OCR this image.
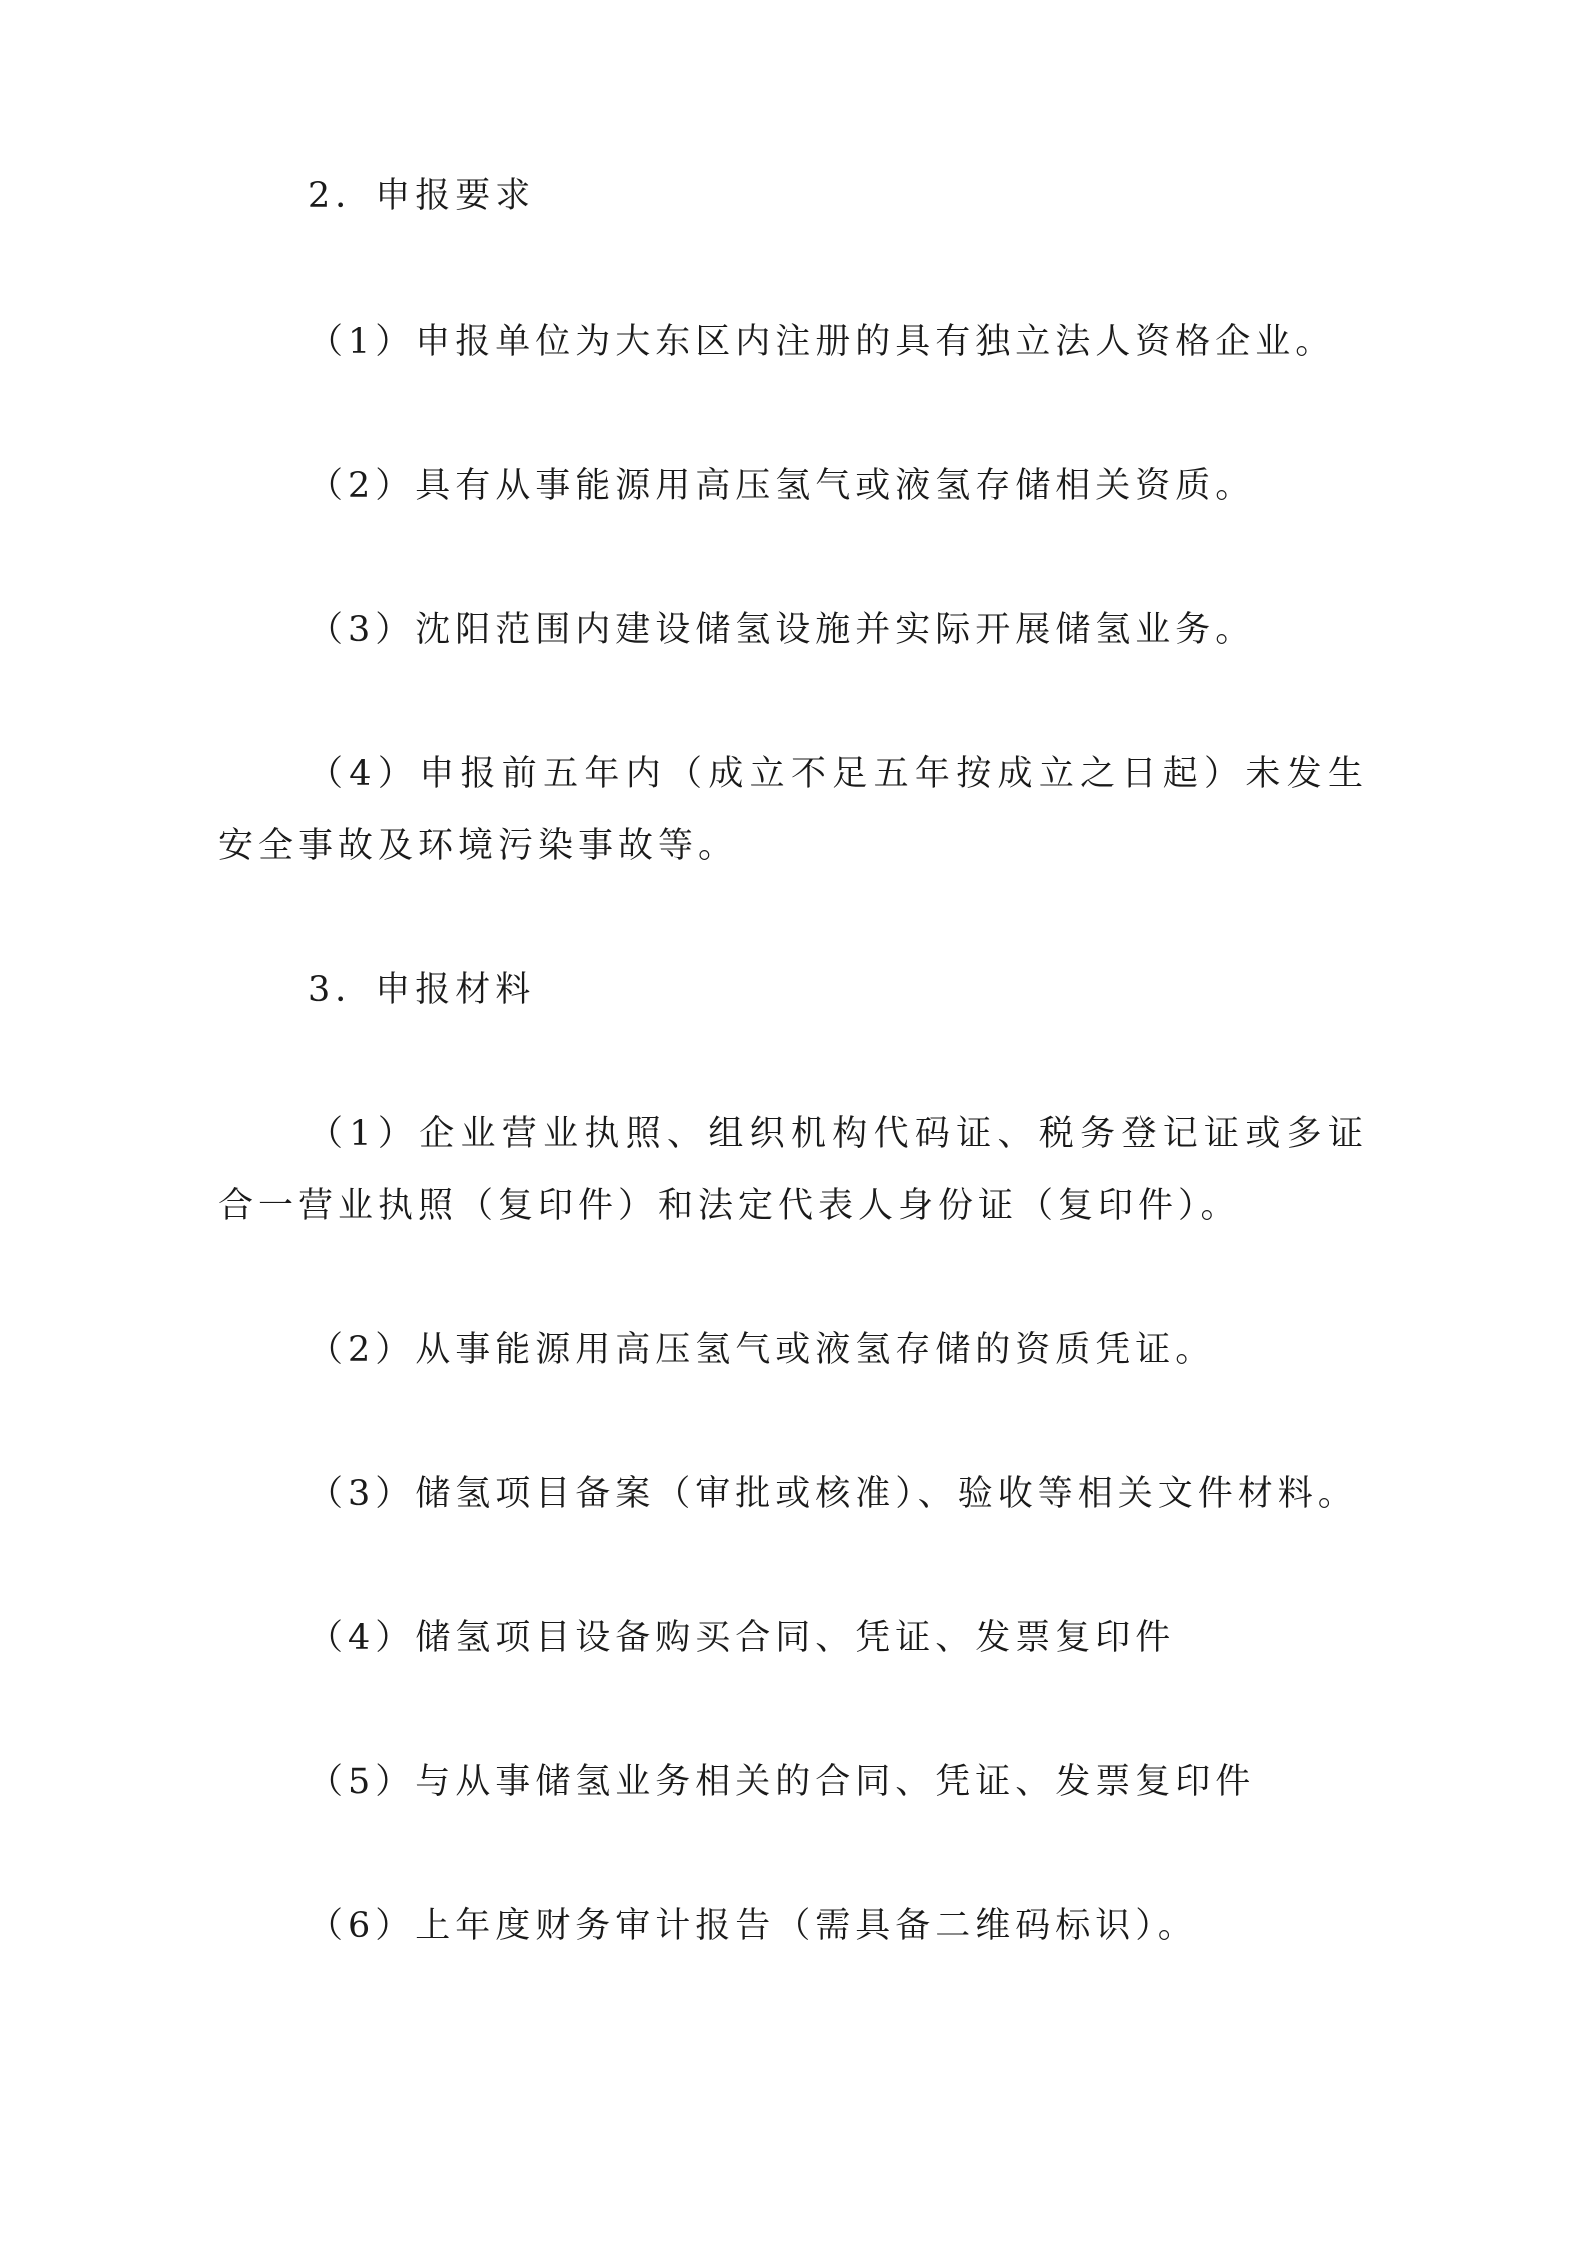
2．申报要求
（1）申报单位为大东区内注册的具有独立法人资格企业。
（2）具有从事能源用高压氢气或液氢存储相关资质。
（3）沈阳范围内建设储氢设施并实际开展储氢业务。
（4）申报前五年内（成立不足五年按成立之日起）未发生安全事故及环境污染事故等。
3．申报材料
（1）企业营业执照、组织机构代码证、税务登记证或多证合一营业执照（复印件）和法定代表人身份证（复印件）。
（2）从事能源用高压氢气或液氢存储的资质凭证。
（3）储氢项目备案（审批或核准）、验收等相关文件材料。
（4）储氢项目设备购买合同、凭证、发票复印件
（5）与从事储氢业务相关的合同、凭证、发票复印件
（6）上年度财务审计报告（需具备二维码标识）。
